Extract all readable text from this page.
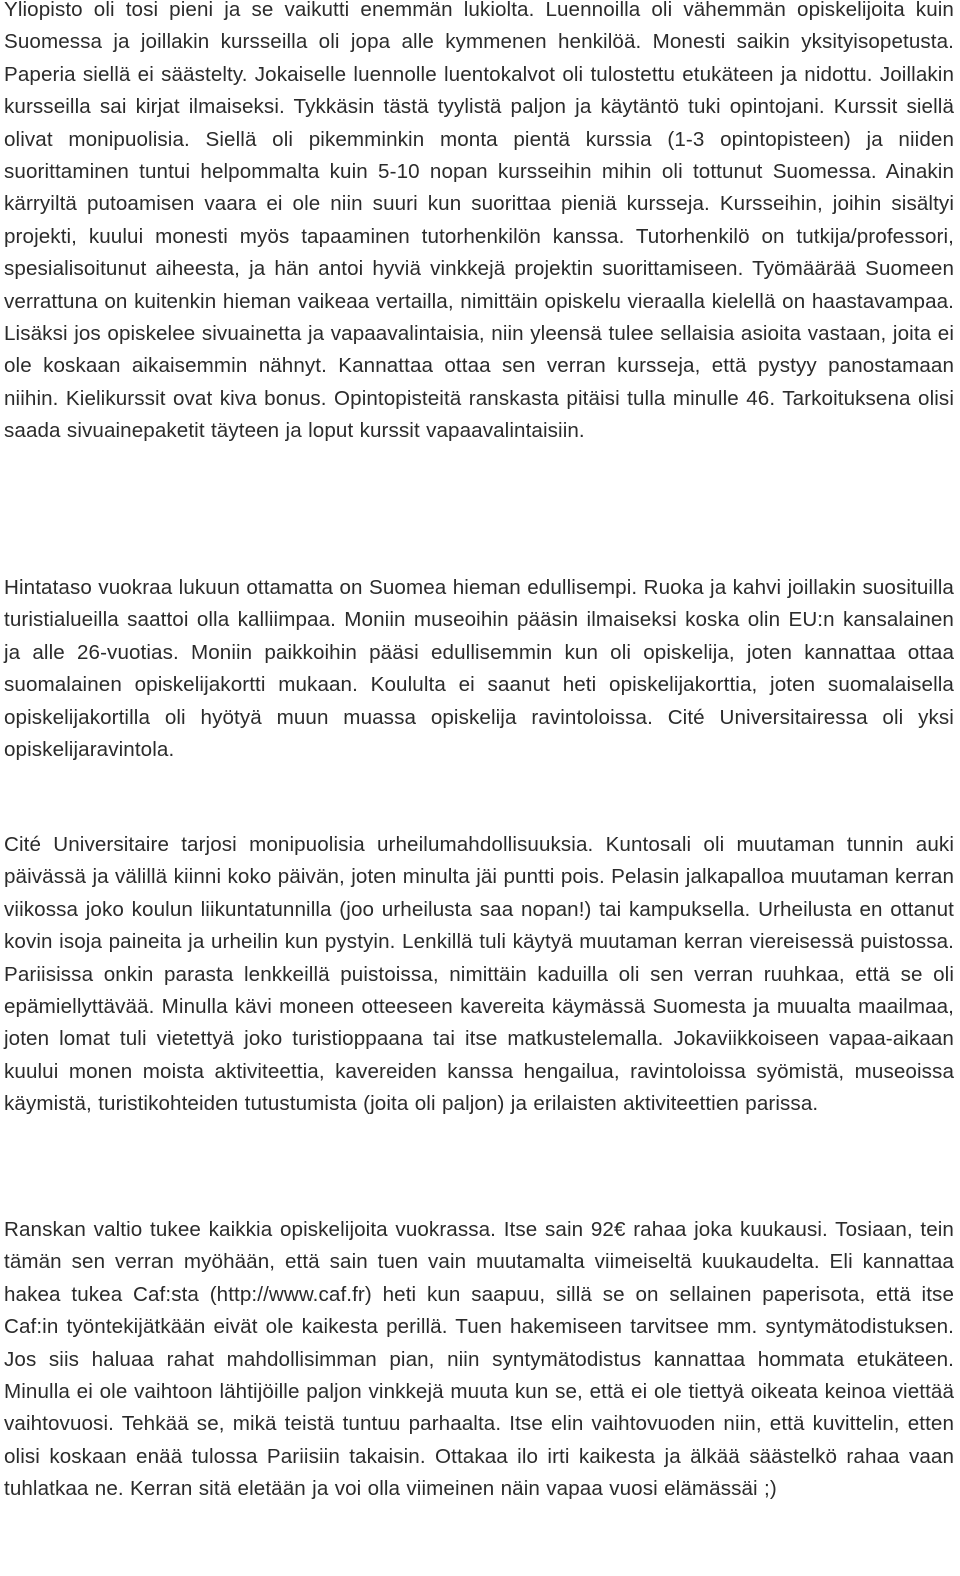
Yliopisto oli tosi pieni ja se vaikutti enemmän lukiolta. Luennoilla oli vähemmän opiskelijoita kuin Suomessa ja joillakin kursseilla oli jopa alle kymmenen henkilöä. Monesti saikin yksityisopetusta. Paperia siellä ei säästelty. Jokaiselle luennolle luentokalvot oli tulostettu etukäteen ja nidottu. Joillakin kursseilla sai kirjat ilmaiseksi. Tykkäsin tästä tyylistä paljon ja käytäntö tuki opintojani. Kurssit siellä olivat monipuolisia. Siellä oli pikemminkin monta pientä kurssia (1-3 opintopisteen) ja niiden suorittaminen tuntui helpommalta kuin 5-10 nopan kursseihin mihin oli tottunut Suomessa. Ainakin kärryiltä putoamisen vaara ei ole niin suuri kun suorittaa pieniä kursseja. Kursseihin, joihin sisältyi projekti, kuului monesti myös tapaaminen tutorhenkilön kanssa. Tutorhenkilö on tutkija/professori, spesialisoitunut aiheesta, ja hän antoi hyviä vinkkejä projektin suorittamiseen. Työmäärää Suomeen verrattuna on kuitenkin hieman vaikeaa vertailla, nimittäin opiskelu vieraalla kielellä on haastavampaa. Lisäksi jos opiskelee sivuainetta ja vapaavalintaisia, niin yleensä tulee sellaisia asioita vastaan, joita ei ole koskaan aikaisemmin nähnyt. Kannattaa ottaa sen verran kursseja, että pystyy panostamaan niihin. Kielikurssit ovat kiva bonus. Opintopisteitä ranskasta pitäisi tulla minulle 46. Tarkoituksena olisi saada sivuainepaketit täyteen ja loput kurssit vapaavalintaisiin.

Hintataso vuokraa lukuun ottamatta on Suomea hieman edullisempi. Ruoka ja kahvi joillakin suosituilla turistialueilla saattoi olla kalliimpaa. Moniin museoihin pääsin ilmaiseksi koska olin EU:n kansalainen ja alle 26-vuotias. Moniin paikkoihin pääsi edullisemmin kun oli opiskelija, joten kannattaa ottaa suomalainen opiskelijakortti mukaan. Koululta ei saanut heti opiskelijakorttia, joten suomalaisella opiskelijakortilla oli hyötyä muun muassa opiskelija ravintoloissa. Cité Universitairessa oli yksi opiskelijaravintola.

Cité Universitaire tarjosi monipuolisia urheilumahdollisuuksia. Kuntosali oli muutaman tunnin auki päivässä ja välillä kiinni koko päivän, joten minulta jäi puntti pois. Pelasin jalkapalloa muutaman kerran viikossa joko koulun liikuntatunnilla (joo urheilusta saa nopan!) tai kampuksella. Urheilusta en ottanut kovin isoja paineita ja urheilin kun pystyin. Lenkillä tuli käytyä muutaman kerran viereisessä puistossa. Pariisissa onkin parasta lenkkeillä puistoissa, nimittäin kaduilla oli sen verran ruuhkaa, että se oli epämiellyttävää. Minulla kävi moneen otteeseen kavereita käymässä Suomesta ja muualta maailmaa, joten lomat tuli vietettyä joko turistioppaana tai itse matkustelemalla. Jokaviikkoiseen vapaa-aikaan kuului monen moista aktiviteettia, kavereiden kanssa hengailua, ravintoloissa syömistä, museoissa käymistä, turistikohteiden tutustumista (joita oli paljon) ja erilaisten aktiviteettien parissa.

Ranskan valtio tukee kaikkia opiskelijoita vuokrassa. Itse sain 92€ rahaa joka kuukausi. Tosiaan, tein tämän sen verran myöhään, että sain tuen vain muutamalta viimeiseltä kuukaudelta. Eli kannattaa hakea tukea Caf:sta (http://www.caf.fr) heti kun saapuu, sillä se on sellainen paperisota, että itse Caf:in työntekijätkään eivät ole kaikesta perillä. Tuen hakemiseen tarvitsee mm. syntymätodistuksen. Jos siis haluaa rahat mahdollisimman pian, niin syntymätodistus kannattaa hommata etukäteen. Minulla ei ole vaihtoon lähtijöille paljon vinkkejä muuta kun se, että ei ole tiettyä oikeata keinoa viettää vaihtovuosi. Tehkää se, mikä teistä tuntuu parhaalta. Itse elin vaihtovuoden niin, että kuvittelin, etten olisi koskaan enää tulossa Pariisiin takaisin. Ottakaa ilo irti kaikesta ja älkää säästelkö rahaa vaan tuhlatkaa ne. Kerran sitä eletään ja voi olla viimeinen näin vapaa vuosi elämässäi ;)
